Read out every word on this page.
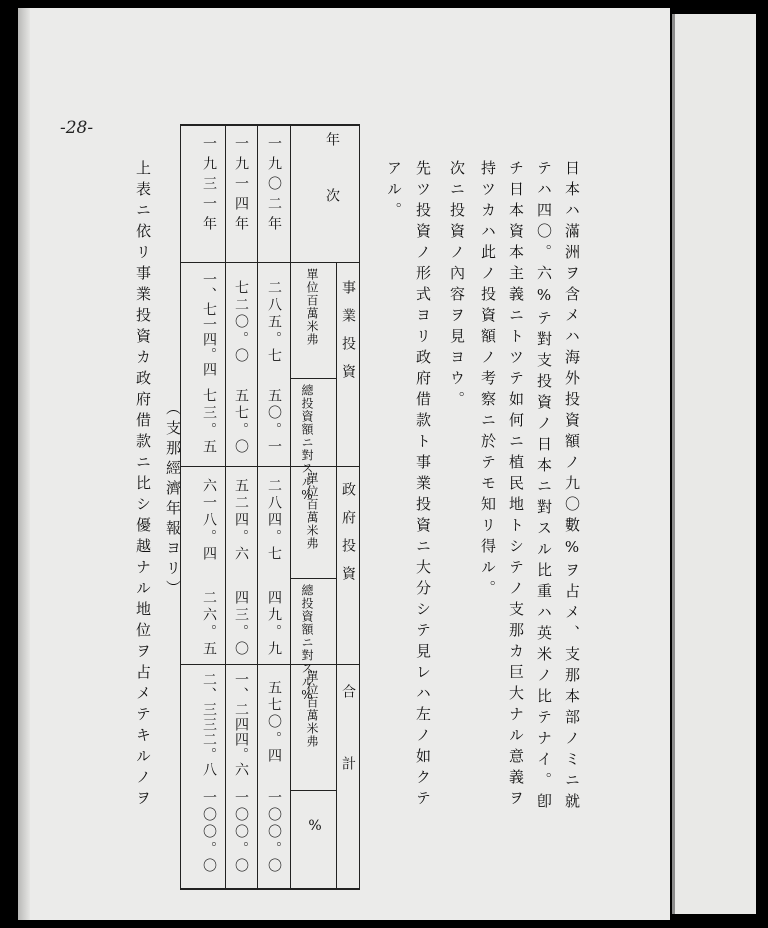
-28-
日本ハ滿洲ヲ含メハ海外投資額ノ九〇數%ヲ占メ、支那本部ノミニ就
テハ四〇。六%テ對支投資ノ日本ニ對スル比重ハ英米ノ比テナイ。卽
チ日本資本主義ニトツテ如何ニ植民地トシテノ支那カ巨大ナル意義ヲ
持ツカハ此ノ投資額ノ考察ニ於テモ知リ得ル。
次ニ投資ノ內容ヲ見ヨウ。
先ツ投資ノ形式ヨリ政府借款ト事業投資ニ大分シテ見レハ左ノ如クテ
アル。
年　次
事業投資
政府投資
合　　計
單位百萬米弗
總投資額ニ對スル%
單位百萬米弗
總投資額ニ對スル%
單位百萬米弗
%
一九〇二年
二八五。七
五〇。一
二八四。七
四九。九
五七〇。四
一〇〇。〇
一九一四年
七二〇。〇
五七。〇
五二四。六
四三。〇
一、二四四。六
一〇〇。〇
一九三一年
一、七一四。四
七三。五
六一八。四
二六。五
二、三三二。八
一〇〇。〇
（支那經濟年報ヨリ）
上表ニ依リ事業投資カ政府借款ニ比シ優越ナル地位ヲ占メテキルノヲ
